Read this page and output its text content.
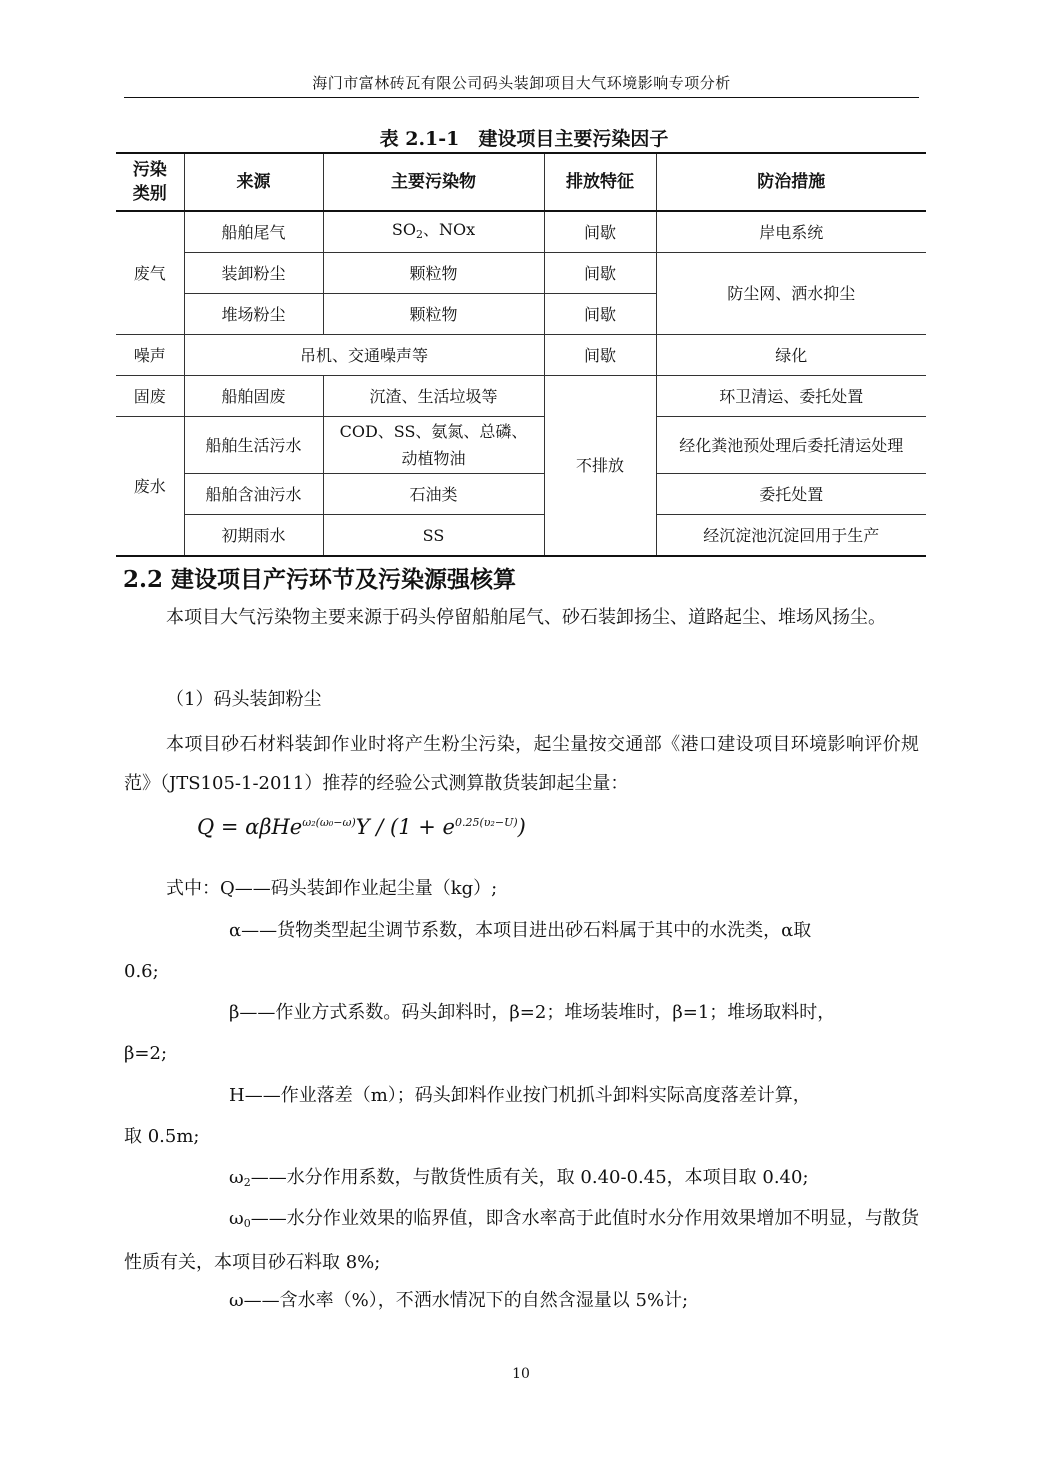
海门市富林砖瓦有限公司码头装卸项目大气环境影响专项分析
表 2.1-1　建设项目主要污染因子
污染
类别	来源	主要污染物	排放特征	防治措施
废气	船舶尾气	$SO_2$、NOx	间歇	岸电系统
	装卸粉尘	颗粒物	间歇	防尘网、洒水抑尘
	堆场粉尘	颗粒物	间歇	
噪声	吊机、交通噪声等		间歇	绿化
固废	船舶固废	沉渣、生活垃圾等	不排放	环卫清运、委托处置
废水	船舶生活污水	COD、SS、氨氮、总磷、动植物油		经化粪池预处理后委托清运处理
	船舶含油污水	石油类		委托处置
	初期雨水	SS		经沉淀池沉淀回用于生产
2.2 建设项目产污环节及污染源强核算
本项目大气污染物主要来源于码头停留船舶尾气、砂石装卸扬尘、道路起尘、堆场风扬尘。
（1）码头装卸粉尘
本项目砂石材料装卸作业时将产生粉尘污染，起尘量按交通部《港口建设项目环境影响评价规范》（JTS105-1-2011）推荐的经验公式测算散货装卸起尘量：
$Q = \alpha\beta He^{\omega_2(\omega_0-\omega)}Y / (1 + e^{0.25(\upsilon_2-U)})$
式中：Q——码头装卸作业起尘量（kg）;
α——货物类型起尘调节系数，本项目进出砂石料属于其中的水洗类，α取
0.6;
β——作业方式系数。码头卸料时，β=2；堆场装堆时，β=1；堆场取料时，
β=2;
H——作业落差（m）；码头卸料作业按门机抓斗卸料实际高度落差计算，
取 0.5m;
$\omega_2——$水分作用系数，与散货性质有关，取 0.40-0.45，本项目取 0.40;
$\omega_0——$水分作业效果的临界值，即含水率高于此值时水分作用效果增加不明显，与散货性质有关，本项目砂石料取 8%;
ω——含水率（%），不洒水情况下的自然含湿量以 5%计;
10
